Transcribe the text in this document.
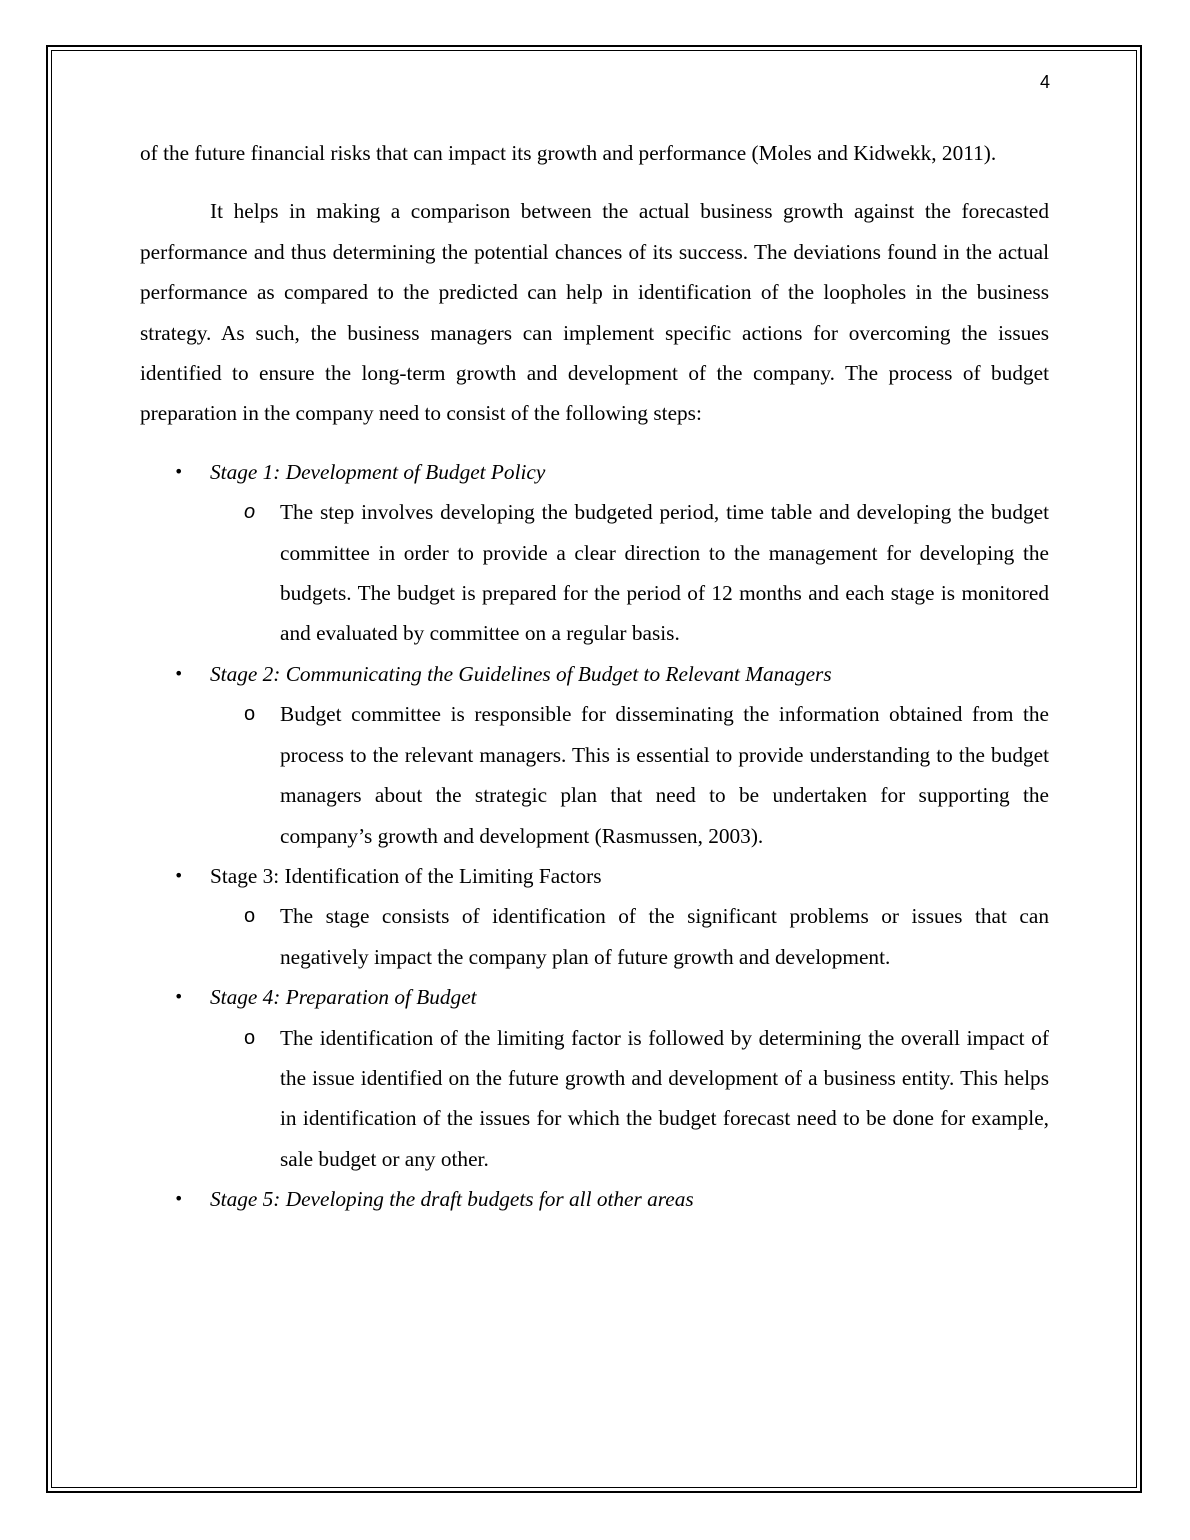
4

of the future financial risks that can impact its growth and performance (Moles and Kidwekk, 2011).

It helps in making a comparison between the actual business growth against the forecasted performance and thus determining the potential chances of its success. The deviations found in the actual performance as compared to the predicted can help in identification of the loopholes in the business strategy. As such, the business managers can implement specific actions for overcoming the issues identified to ensure the long-term growth and development of the company. The process of budget preparation in the company need to consist of the following steps:

• Stage 1: Development of Budget Policy
o The step involves developing the budgeted period, time table and developing the budget committee in order to provide a clear direction to the management for developing the budgets. The budget is prepared for the period of 12 months and each stage is monitored and evaluated by committee on a regular basis.
• Stage 2: Communicating the Guidelines of Budget to Relevant Managers
o Budget committee is responsible for disseminating the information obtained from the process to the relevant managers. This is essential to provide understanding to the budget managers about the strategic plan that need to be undertaken for supporting the company’s growth and development (Rasmussen, 2003).
• Stage 3: Identification of the Limiting Factors
o The stage consists of identification of the significant problems or issues that can negatively impact the company plan of future growth and development.
• Stage 4: Preparation of Budget
o The identification of the limiting factor is followed by determining the overall impact of the issue identified on the future growth and development of a business entity. This helps in identification of the issues for which the budget forecast need to be done for example, sale budget or any other.
• Stage 5: Developing the draft budgets for all other areas
